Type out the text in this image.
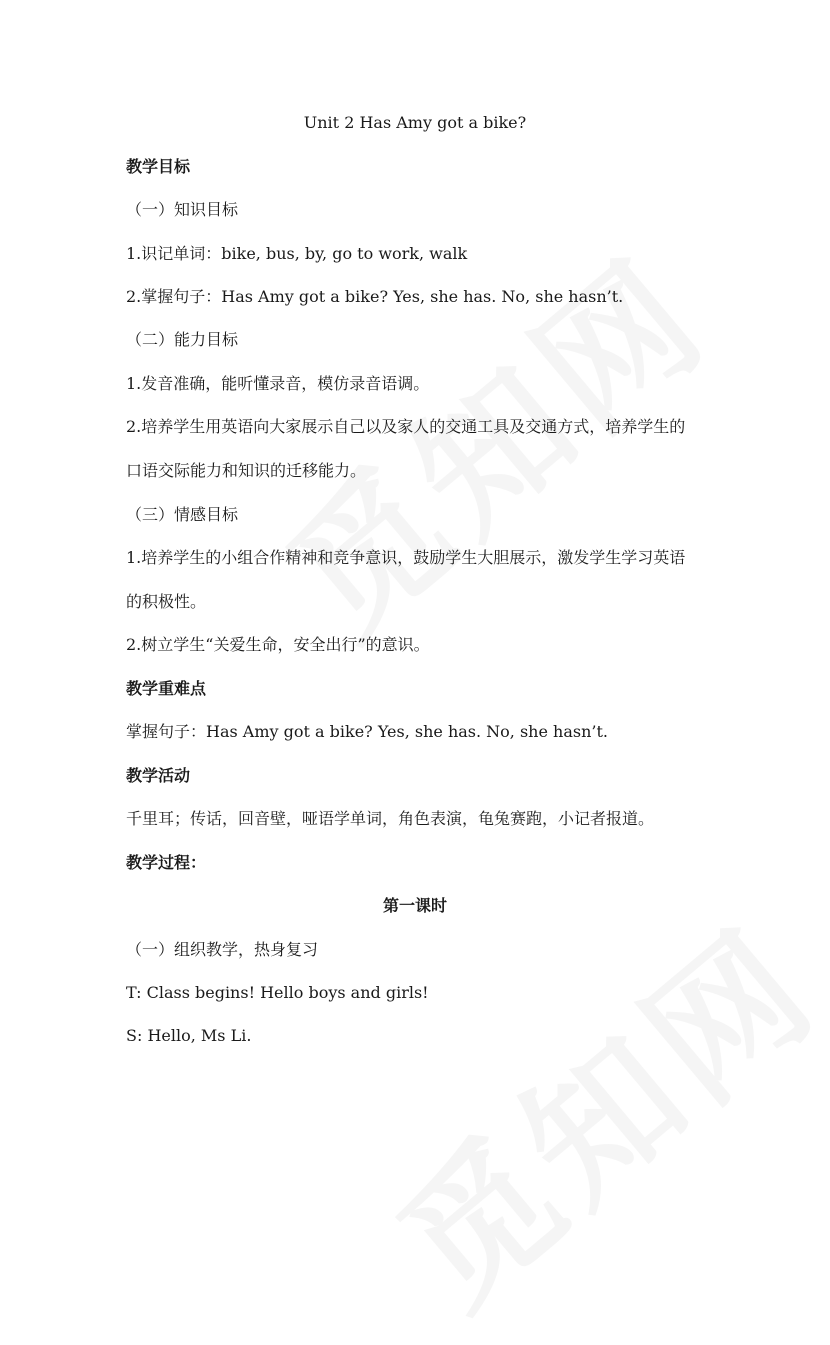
Unit 2 Has Amy got a bike?
教学目标
（一）知识目标
1.识记单词：bike, bus, by, go to work, walk
2.掌握句子：Has Amy got a bike? Yes, she has. No, she hasn’t.
（二）能力目标
1.发音准确，能听懂录音，模仿录音语调。
2.培养学生用英语向大家展示自己以及家人的交通工具及交通方式，培养学生的
口语交际能力和知识的迁移能力。
（三）情感目标
1.培养学生的小组合作精神和竞争意识，鼓励学生大胆展示，激发学生学习英语
的积极性。
2.树立学生“关爱生命，安全出行”的意识。
教学重难点
掌握句子：Has Amy got a bike? Yes, she has. No, she hasn’t.
教学活动
千里耳；传话，回音壁，哑语学单词，角色表演，龟兔赛跑，小记者报道。
教学过程：
第一课时
（一）组织教学，热身复习
T: Class begins! Hello boys and girls!
S: Hello, Ms Li.
